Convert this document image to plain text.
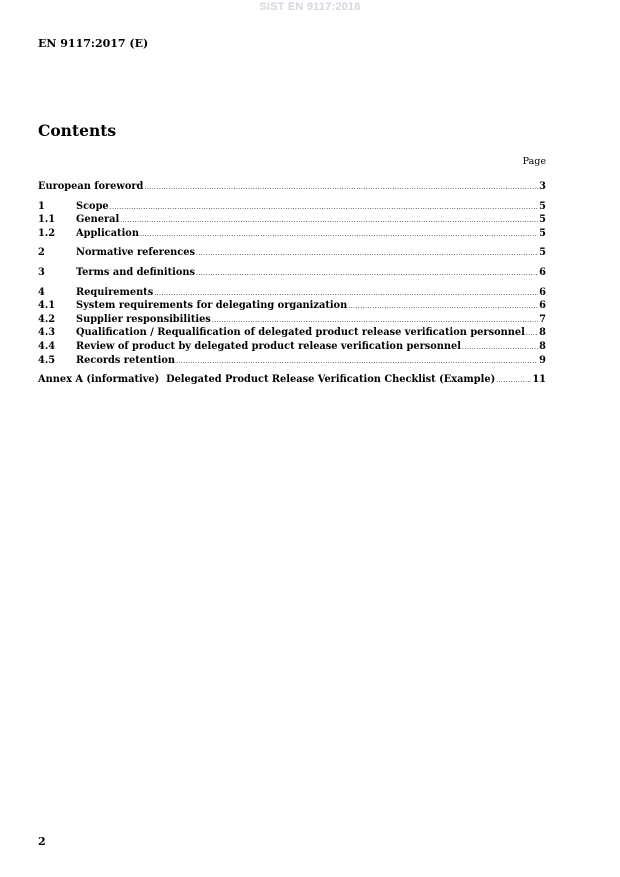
SIST EN 9117:2018
EN 9117:2017 (E)
Contents
Page
European foreword .....	3
1	Scope .....	5
1.1	General .....	5
1.2	Application .....	5
2	Normative references .....	5
3	Terms and definitions .....	6
4	Requirements .....	6
4.1	System requirements for delegating organization .....	6
4.2	Supplier responsibilities .....	7
4.3	Qualification / Requalification of delegated product release verification personnel ..... 8
4.4	Review of product by delegated product release verification personnel .....	8
4.5	Records retention .....	9
Annex A (informative)  Delegated Product Release Verification Checklist (Example) .....	11
2
